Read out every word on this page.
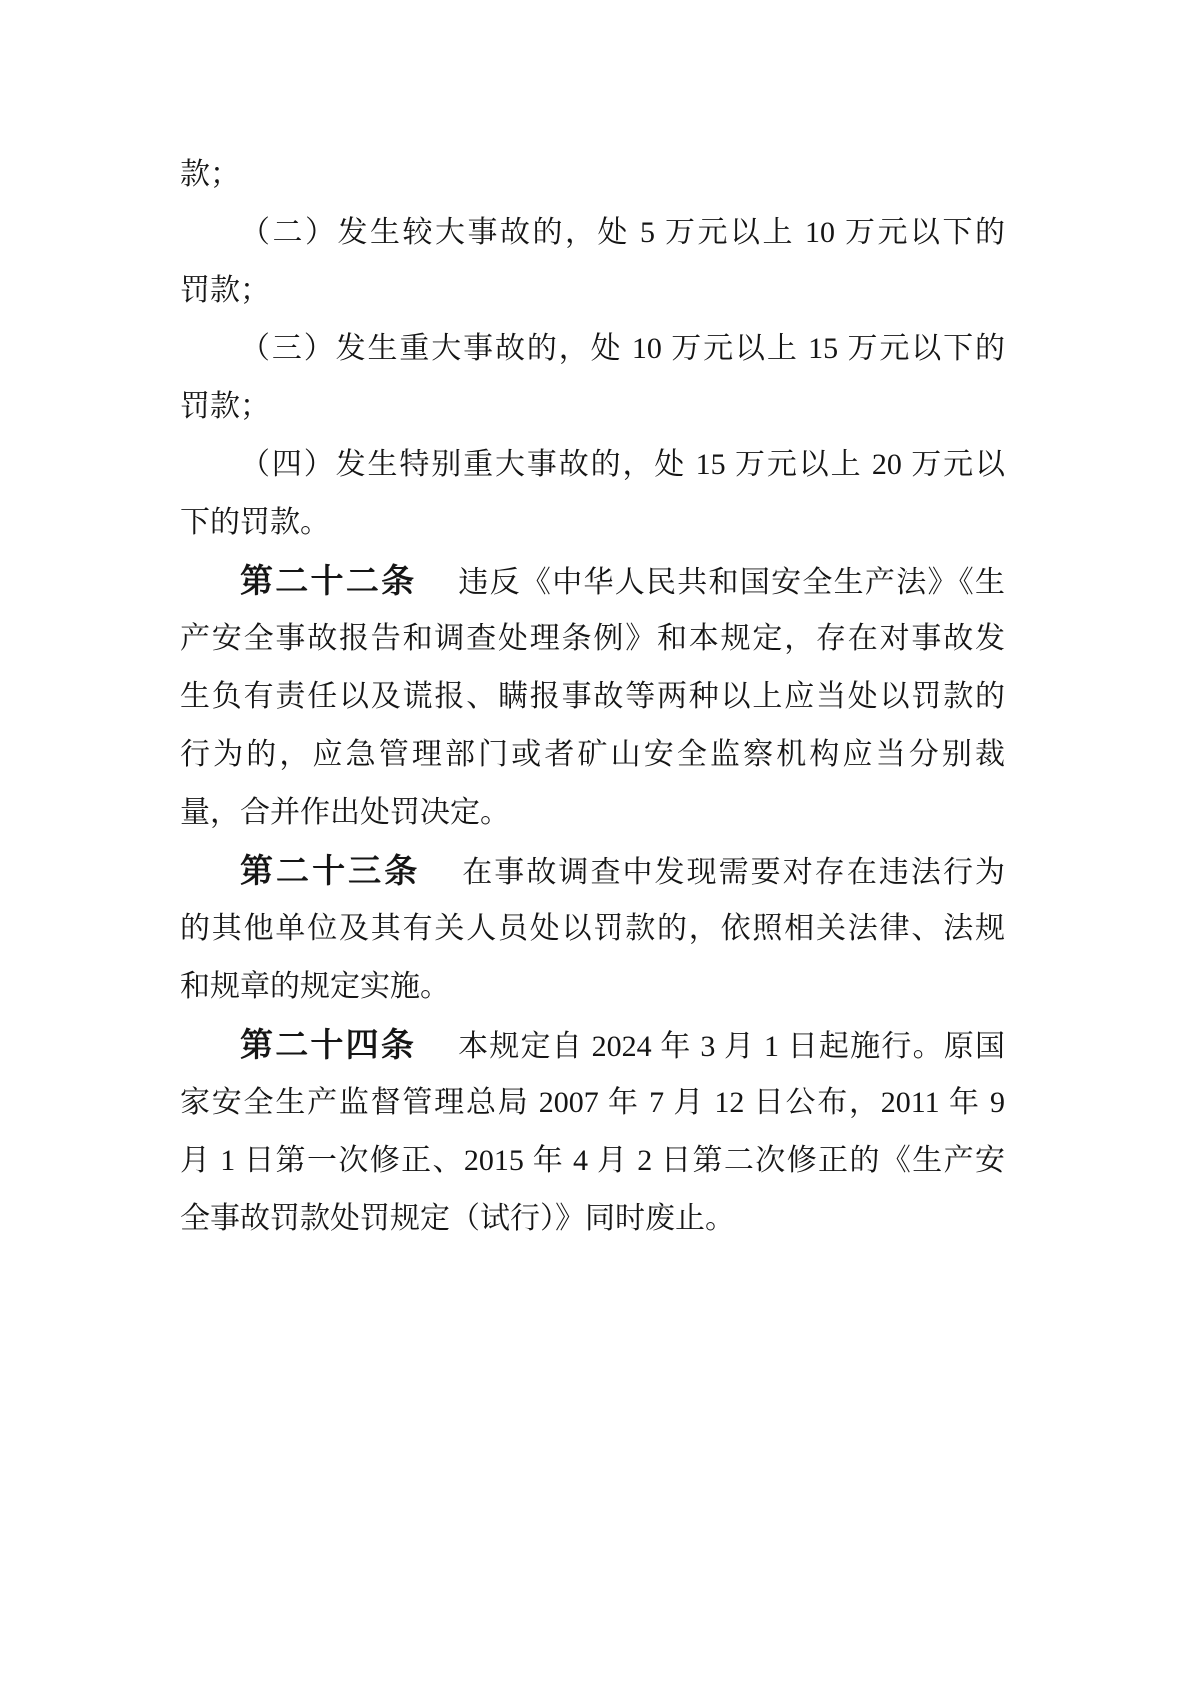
款；
（二）发生较大事故的，处 5 万元以上 10 万元以下的
罚款；
（三）发生重大事故的，处 10 万元以上 15 万元以下的
罚款；
（四）发生特别重大事故的，处 15 万元以上 20 万元以
下的罚款。
第二十二条 违反《中华人民共和国安全生产法》《生
产安全事故报告和调查处理条例》和本规定，存在对事故发
生负有责任以及谎报、瞒报事故等两种以上应当处以罚款的
行为的，应急管理部门或者矿山安全监察机构应当分别裁
量，合并作出处罚决定。
第二十三条 在事故调查中发现需要对存在违法行为
的其他单位及其有关人员处以罚款的，依照相关法律、法规
和规章的规定实施。
第二十四条 本规定自 2024 年 3 月 1 日起施行。原国
家安全生产监督管理总局 2007 年 7 月 12 日公布，2011 年 9
月 1 日第一次修正、2015 年 4 月 2 日第二次修正的《生产安
全事故罚款处罚规定（试行）》同时废止。
